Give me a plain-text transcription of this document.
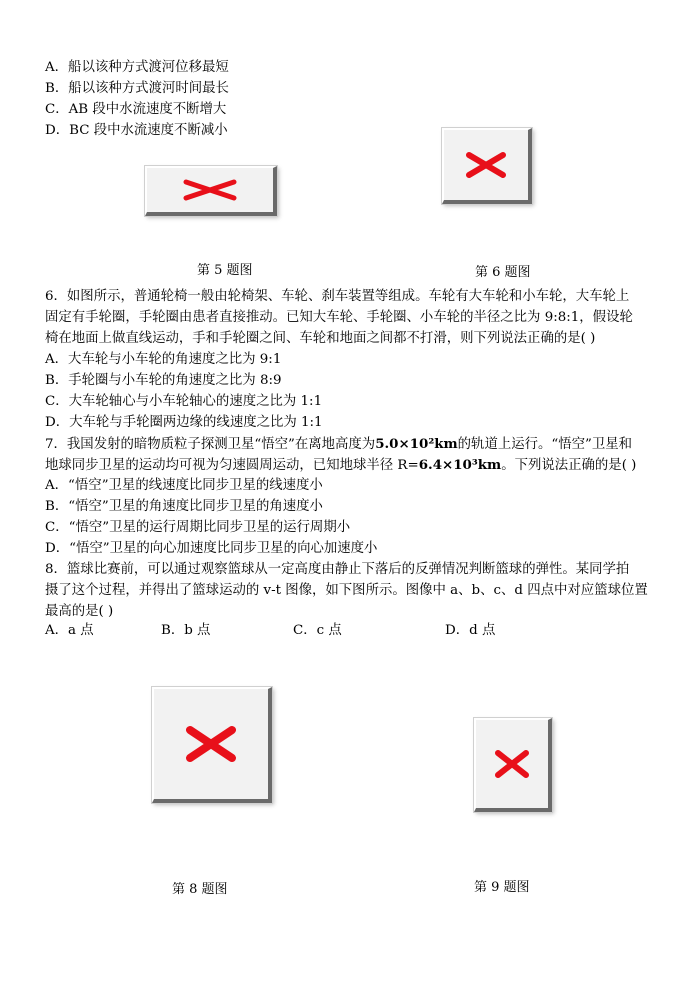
A．船以该种方式渡河位移最短
B．船以该种方式渡河时间最长
C．AB 段中水流速度不断增大
D．BC 段中水流速度不断减小
第 5 题图	第 6 题图
6．如图所示，普通轮椅一般由轮椅架、车轮、刹车装置等组成。车轮有大车轮和小车轮，大车轮上
固定有手轮圈，手轮圈由患者直接推动。已知大车轮、手轮圈、小车轮的半径之比为 9:8:1，假设轮
椅在地面上做直线运动，手和手轮圈之间、车轮和地面之间都不打滑，则下列说法正确的是( )
A．大车轮与小车轮的角速度之比为 9:1
B．手轮圈与小车轮的角速度之比为 8:9
C．大车轮轴心与小车轮轴心的速度之比为 1:1
D．大车轮与手轮圈两边缘的线速度之比为 1:1
7．我国发射的暗物质粒子探测卫星“悟空”在离地高度为5.0×10²km的轨道上运行。“悟空”卫星和
地球同步卫星的运动均可视为匀速圆周运动，已知地球半径 R=6.4×10³km。下列说法正确的是( )
A．“悟空”卫星的线速度比同步卫星的线速度小
B．“悟空”卫星的角速度比同步卫星的角速度小
C．“悟空”卫星的运行周期比同步卫星的运行周期小
D．“悟空”卫星的向心加速度比同步卫星的向心加速度小
8．篮球比赛前，可以通过观察篮球从一定高度由静止下落后的反弹情况判断篮球的弹性。某同学拍
摄了这个过程，并得出了篮球运动的 v-t 图像，如下图所示。图像中 a、b、c、d 四点中对应篮球位置
最高的是( )
A．a 点	B．b 点	C．c 点	D．d 点
第 8 题图	第 9 题图
